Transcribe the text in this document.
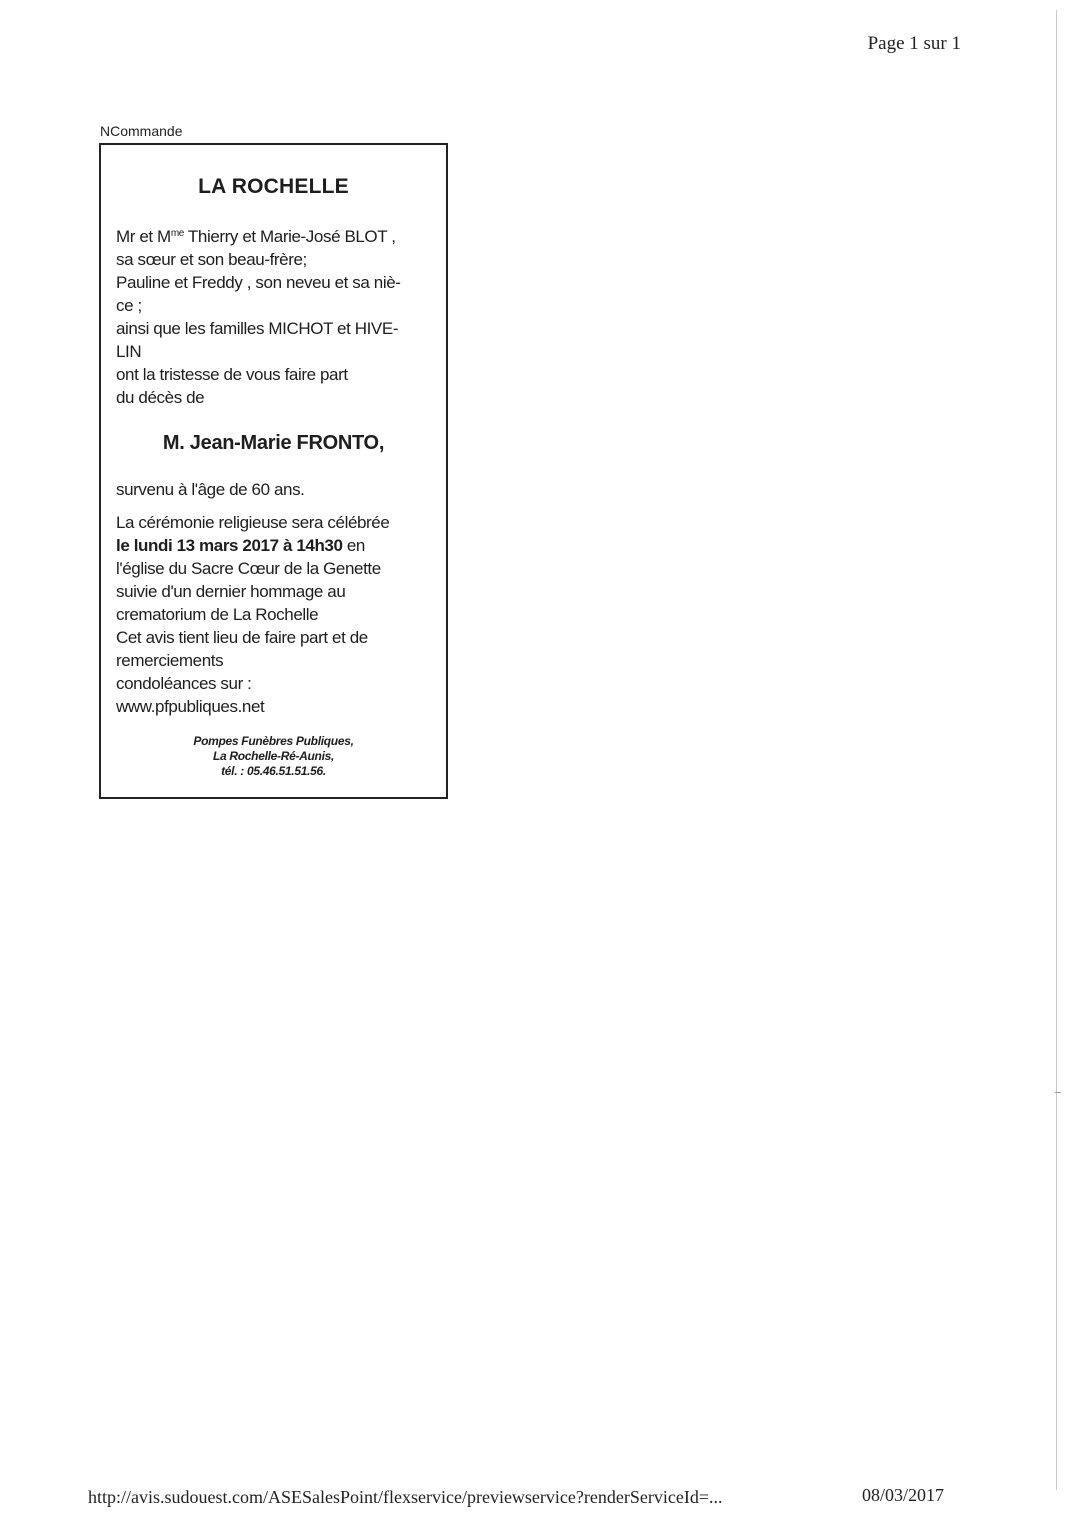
Page 1 sur 1
NCommande
LA ROCHELLE
Mr et $M^{me}$ Thierry et Marie-José BLOT ,
sa sœur et son beau-frère;
Pauline et Freddy , son neveu et sa niè-
ce ;
ainsi que les familles MICHOT et HIVE-
LIN
ont la tristesse de vous faire part
du décès de
M. Jean-Marie FRONTO,
survenu à l'âge de 60 ans.
La cérémonie religieuse sera célébrée
le lundi 13 mars 2017 à 14h30 en
l'église du Sacre Cœur de la Genette
suivie d'un dernier hommage au
crematorium de La Rochelle
Cet avis tient lieu de faire part et de
remerciements
condoléances sur :
www.pfpubliques.net
Pompes Funèbres Publiques,
La Rochelle-Ré-Aunis,
tél. : 05.46.51.51.56.
http://avis.sudouest.com/ASESalesPoint/flexservice/previewservice?renderServiceId=...	08/03/2017
